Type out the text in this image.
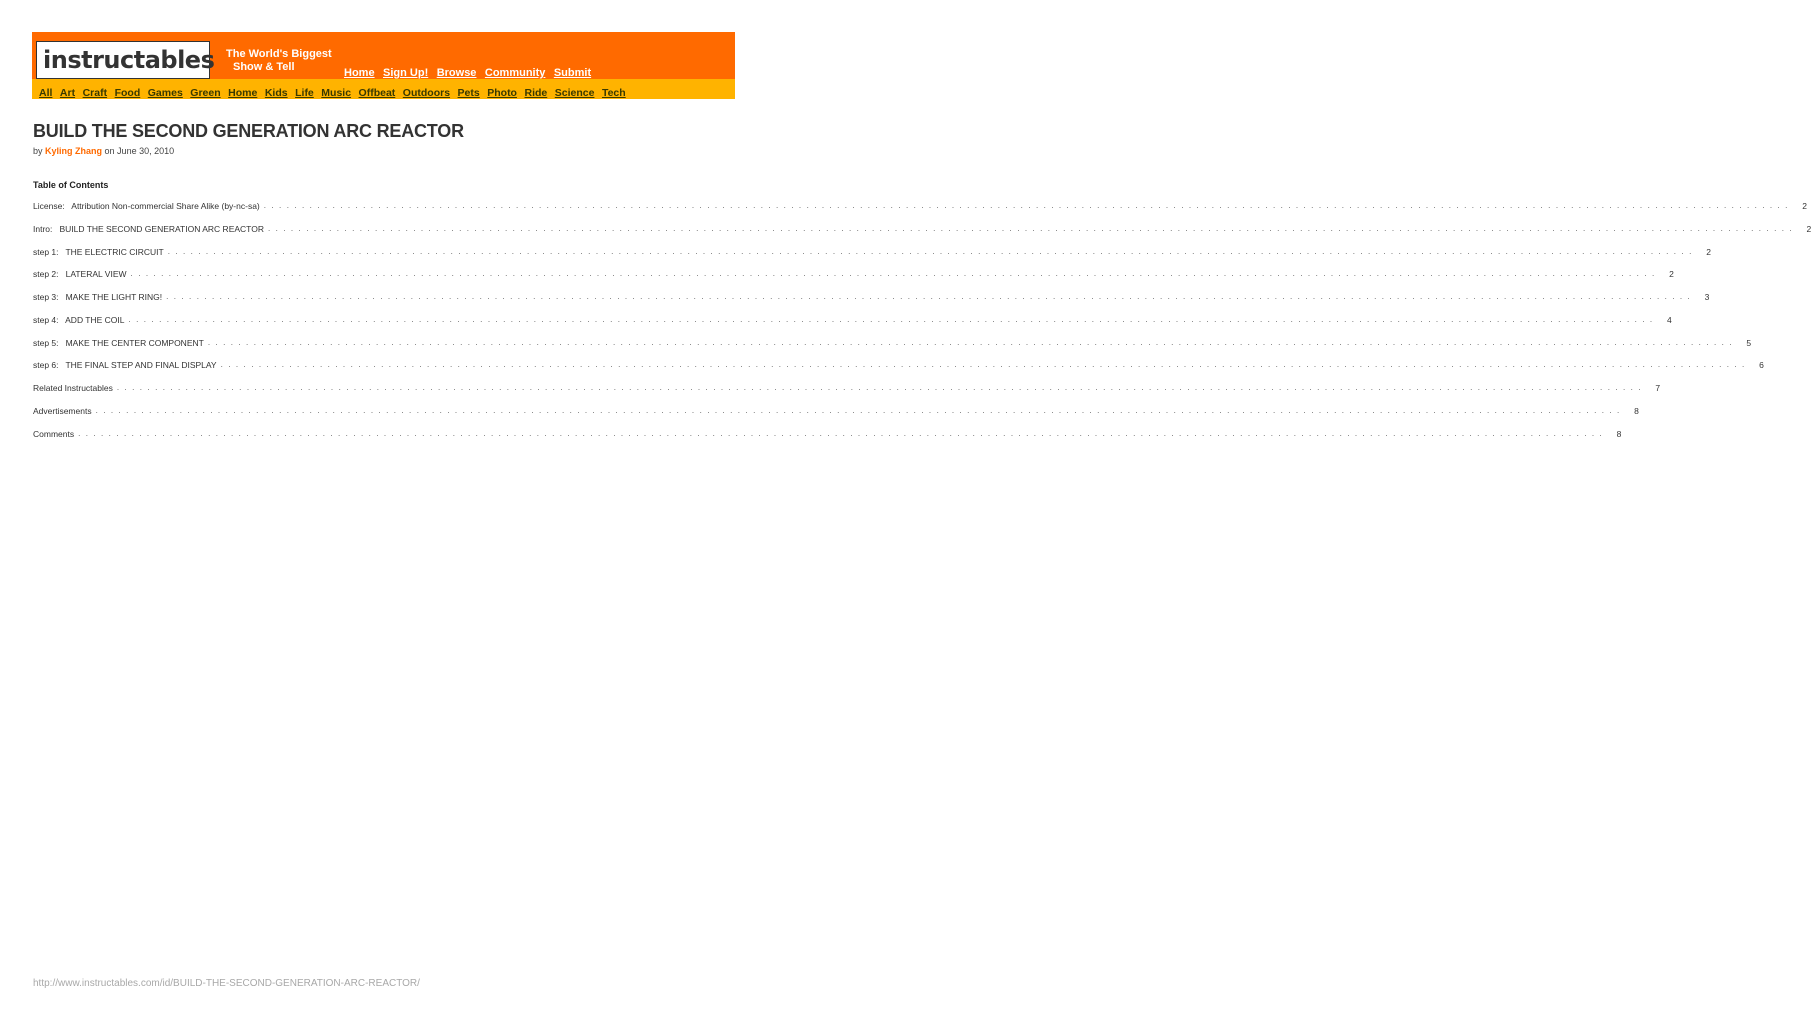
instructables The World's Biggest
Show & Tell	Home Sign Up! Browse Community Submit
All Art Craft Food Games Green Home Kids Life Music Offbeat Outdoors Pets Photo Ride Science Tech
BUILD THE SECOND GENERATION ARC REACTOR
by Kyling Zhang on June 30, 2010
Table of Contents
License:   Attribution Non-commercial Share Alike (by-nc-sa) . . . . . . . . . . . . . . . . . . . . . . . . . . . . . . . . . . . . . . . . . . . . . . . . . . . . . . . . . . . . . . . . . . . . . . . . . . . . . . . . . . . . . . . . . . . . . . . . . . . . . . . . . . . . . . . . . . . . . . . . . . . . . . . . . . . . . . . . . . . . . . . . . . . . . . . . . . . . . . . . . . . . . . . . . . . . . . . . . . . . . . . . . . . . . . . . . . . . . . . .	2
Intro:   BUILD THE SECOND GENERATION ARC REACTOR . . . . . . . . . . . . . . . . . . . . . . . . . . . . . . . . . . . . . . . . . . . . . . . . . . . . . . . . . . . . . . . . . . . . . . . . . . . . . . . . . . . . . . . . . . . . . . . . . . . . . . . . . . . . . . . . . . . . . . . . . . . . . . . . . . . . . . . . . . . . . . . . . . . . . . . . . . . . . . . . . . . . . . . . . . . . . . . . . . . . . . . . . . . . . . . . . . . . . . . .	2
step 1:   THE ELECTRIC CIRCUIT . . . . . . . . . . . . . . . . . . . . . . . . . . . . . . . . . . . . . . . . . . . . . . . . . . . . . . . . . . . . . . . . . . . . . . . . . . . . . . . . . . . . . . . . . . . . . . . . . . . . . . . . . . . . . . . . . . . . . . . . . . . . . . . . . . . . . . . . . . . . . . . . . . . . . . . . . . . . . . . . . . . . . . . . . . . . . . . . . . . . . . . . . . . . . . . . . . . . . . . .	2
step 2:   LATERAL VIEW . . . . . . . . . . . . . . . . . . . . . . . . . . . . . . . . . . . . . . . . . . . . . . . . . . . . . . . . . . . . . . . . . . . . . . . . . . . . . . . . . . . . . . . . . . . . . . . . . . . . . . . . . . . . . . . . . . . . . . . . . . . . . . . . . . . . . . . . . . . . . . . . . . . . . . . . . . . . . . . . . . . . . . . . . . . . . . . . . . . . . . . . . . . . . . . . . . . . . . . .	2
step 3:   MAKE THE LIGHT RING! . . . . . . . . . . . . . . . . . . . . . . . . . . . . . . . . . . . . . . . . . . . . . . . . . . . . . . . . . . . . . . . . . . . . . . . . . . . . . . . . . . . . . . . . . . . . . . . . . . . . . . . . . . . . . . . . . . . . . . . . . . . . . . . . . . . . . . . . . . . . . . . . . . . . . . . . . . . . . . . . . . . . . . . . . . . . . . . . . . . . . . . . . . . . . . . . . . . . . . . .	3
step 4:   ADD THE COIL . . . . . . . . . . . . . . . . . . . . . . . . . . . . . . . . . . . . . . . . . . . . . . . . . . . . . . . . . . . . . . . . . . . . . . . . . . . . . . . . . . . . . . . . . . . . . . . . . . . . . . . . . . . . . . . . . . . . . . . . . . . . . . . . . . . . . . . . . . . . . . . . . . . . . . . . . . . . . . . . . . . . . . . . . . . . . . . . . . . . . . . . . . . . . . . . . . . . . . . .	4
step 5:   MAKE THE CENTER COMPONENT . . . . . . . . . . . . . . . . . . . . . . . . . . . . . . . . . . . . . . . . . . . . . . . . . . . . . . . . . . . . . . . . . . . . . . . . . . . . . . . . . . . . . . . . . . . . . . . . . . . . . . . . . . . . . . . . . . . . . . . . . . . . . . . . . . . . . . . . . . . . . . . . . . . . . . . . . . . . . . . . . . . . . . . . . . . . . . . . . . . . . . . . . . . . . . . . . . . . . . . .	5
step 6:   THE FINAL STEP AND FINAL DISPLAY . . . . . . . . . . . . . . . . . . . . . . . . . . . . . . . . . . . . . . . . . . . . . . . . . . . . . . . . . . . . . . . . . . . . . . . . . . . . . . . . . . . . . . . . . . . . . . . . . . . . . . . . . . . . . . . . . . . . . . . . . . . . . . . . . . . . . . . . . . . . . . . . . . . . . . . . . . . . . . . . . . . . . . . . . . . . . . . . . . . . . . . . . . . . . . . . . . . . . . . .	6
Related Instructables . . . . . . . . . . . . . . . . . . . . . . . . . . . . . . . . . . . . . . . . . . . . . . . . . . . . . . . . . . . . . . . . . . . . . . . . . . . . . . . . . . . . . . . . . . . . . . . . . . . . . . . . . . . . . . . . . . . . . . . . . . . . . . . . . . . . . . . . . . . . . . . . . . . . . . . . . . . . . . . . . . . . . . . . . . . . . . . . . . . . . . . . . . . . . . . . . . . . . . . .	7
Advertisements . . . . . . . . . . . . . . . . . . . . . . . . . . . . . . . . . . . . . . . . . . . . . . . . . . . . . . . . . . . . . . . . . . . . . . . . . . . . . . . . . . . . . . . . . . . . . . . . . . . . . . . . . . . . . . . . . . . . . . . . . . . . . . . . . . . . . . . . . . . . . . . . . . . . . . . . . . . . . . . . . . . . . . . . . . . . . . . . . . . . . . . . . . . . . . . . . . . . . . . .	8
Comments . . . . . . . . . . . . . . . . . . . . . . . . . . . . . . . . . . . . . . . . . . . . . . . . . . . . . . . . . . . . . . . . . . . . . . . . . . . . . . . . . . . . . . . . . . . . . . . . . . . . . . . . . . . . . . . . . . . . . . . . . . . . . . . . . . . . . . . . . . . . . . . . . . . . . . . . . . . . . . . . . . . . . . . . . . . . . . . . . . . . . . . . . . . . . . . . . . . . . . . .	8
http://www.instructables.com/id/BUILD-THE-SECOND-GENERATION-ARC-REACTOR/
